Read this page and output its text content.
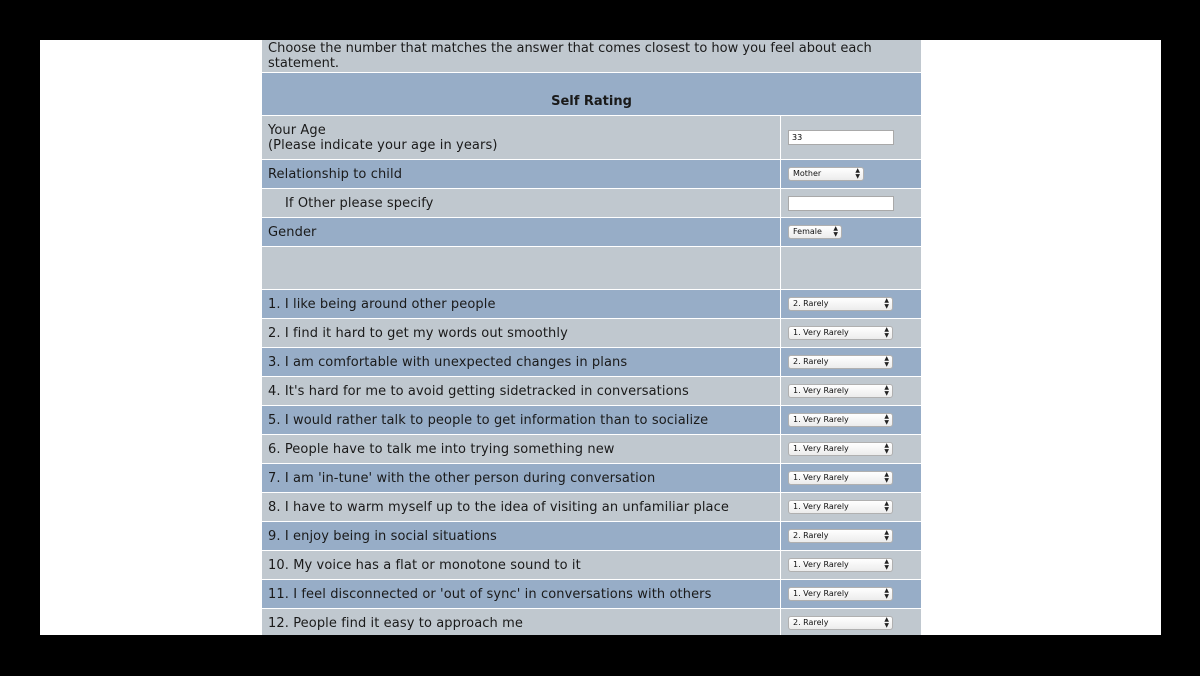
Choose the number that matches the answer that comes closest to how you feel about each statement.
Self Rating
Your Age
(Please indicate your age in years)	33
Relationship to child	Mother	▲
▼
If Other please specify
Gender	Female ▲
▼
1. I like being around other people	2. Rarely	▲
▼
2. I find it hard to get my words out smoothly	1. Very Rarely	▲
▼
3. I am comfortable with unexpected changes in plans	2. Rarely	▲
▼
4. It's hard for me to avoid getting sidetracked in conversations	1. Very Rarely	▲
▼
5. I would rather talk to people to get information than to socialize	1. Very Rarely	▲
▼
6. People have to talk me into trying something new	1. Very Rarely	▲
▼
7. I am 'in-tune' with the other person during conversation	1. Very Rarely	▲
▼
8. I have to warm myself up to the idea of visiting an unfamiliar place	1. Very Rarely	▲
▼
9. I enjoy being in social situations	2. Rarely	▲
▼
10. My voice has a flat or monotone sound to it	1. Very Rarely	▲
▼
11. I feel disconnected or 'out of sync' in conversations with others	1. Very Rarely	▲
▼
12. People find it easy to approach me	2. Rarely	▲
▼
